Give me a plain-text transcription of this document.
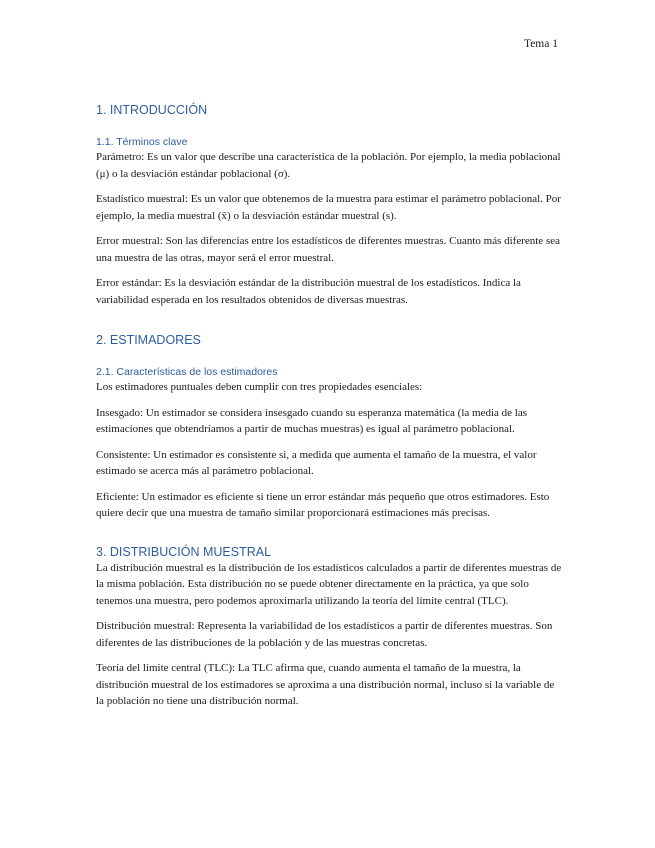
Tema 1
1. INTRODUCCIÓN
1.1. Términos clave

Parámetro: Es un valor que describe una característica de la población. Por ejemplo, la media poblacional (μ) o la desviación estándar poblacional (σ).

Estadístico muestral: Es un valor que obtenemos de la muestra para estimar el parámetro poblacional. Por ejemplo, la media muestral (x̄) o la desviación estándar muestral (s).

Error muestral: Son las diferencias entre los estadísticos de diferentes muestras. Cuanto más diferente sea una muestra de las otras, mayor será el error muestral.

Error estándar: Es la desviación estándar de la distribución muestral de los estadísticos. Indica la variabilidad esperada en los resultados obtenidos de diversas muestras.

2. ESTIMADORES
2.1. Características de los estimadores

Los estimadores puntuales deben cumplir con tres propiedades esenciales:

Insesgado: Un estimador se considera insesgado cuando su esperanza matemática (la media de las estimaciones que obtendríamos a partir de muchas muestras) es igual al parámetro poblacional.

Consistente: Un estimador es consistente si, a medida que aumenta el tamaño de la muestra, el valor estimado se acerca más al parámetro poblacional.

Eficiente: Un estimador es eficiente si tiene un error estándar más pequeño que otros estimadores. Esto quiere decir que una muestra de tamaño similar proporcionará estimaciones más precisas.

3. DISTRIBUCIÓN MUESTRAL

La distribución muestral es la distribución de los estadísticos calculados a partir de diferentes muestras de la misma población. Esta distribución no se puede obtener directamente en la práctica, ya que solo tenemos una muestra, pero podemos aproximarla utilizando la teoría del límite central (TLC).

Distribución muestral: Representa la variabilidad de los estadísticos a partir de diferentes muestras. Son diferentes de las distribuciones de la población y de las muestras concretas.

Teoría del límite central (TLC): La TLC afirma que, cuando aumenta el tamaño de la muestra, la distribución muestral de los estimadores se aproxima a una distribución normal, incluso si la variable de la población no tiene una distribución normal.
